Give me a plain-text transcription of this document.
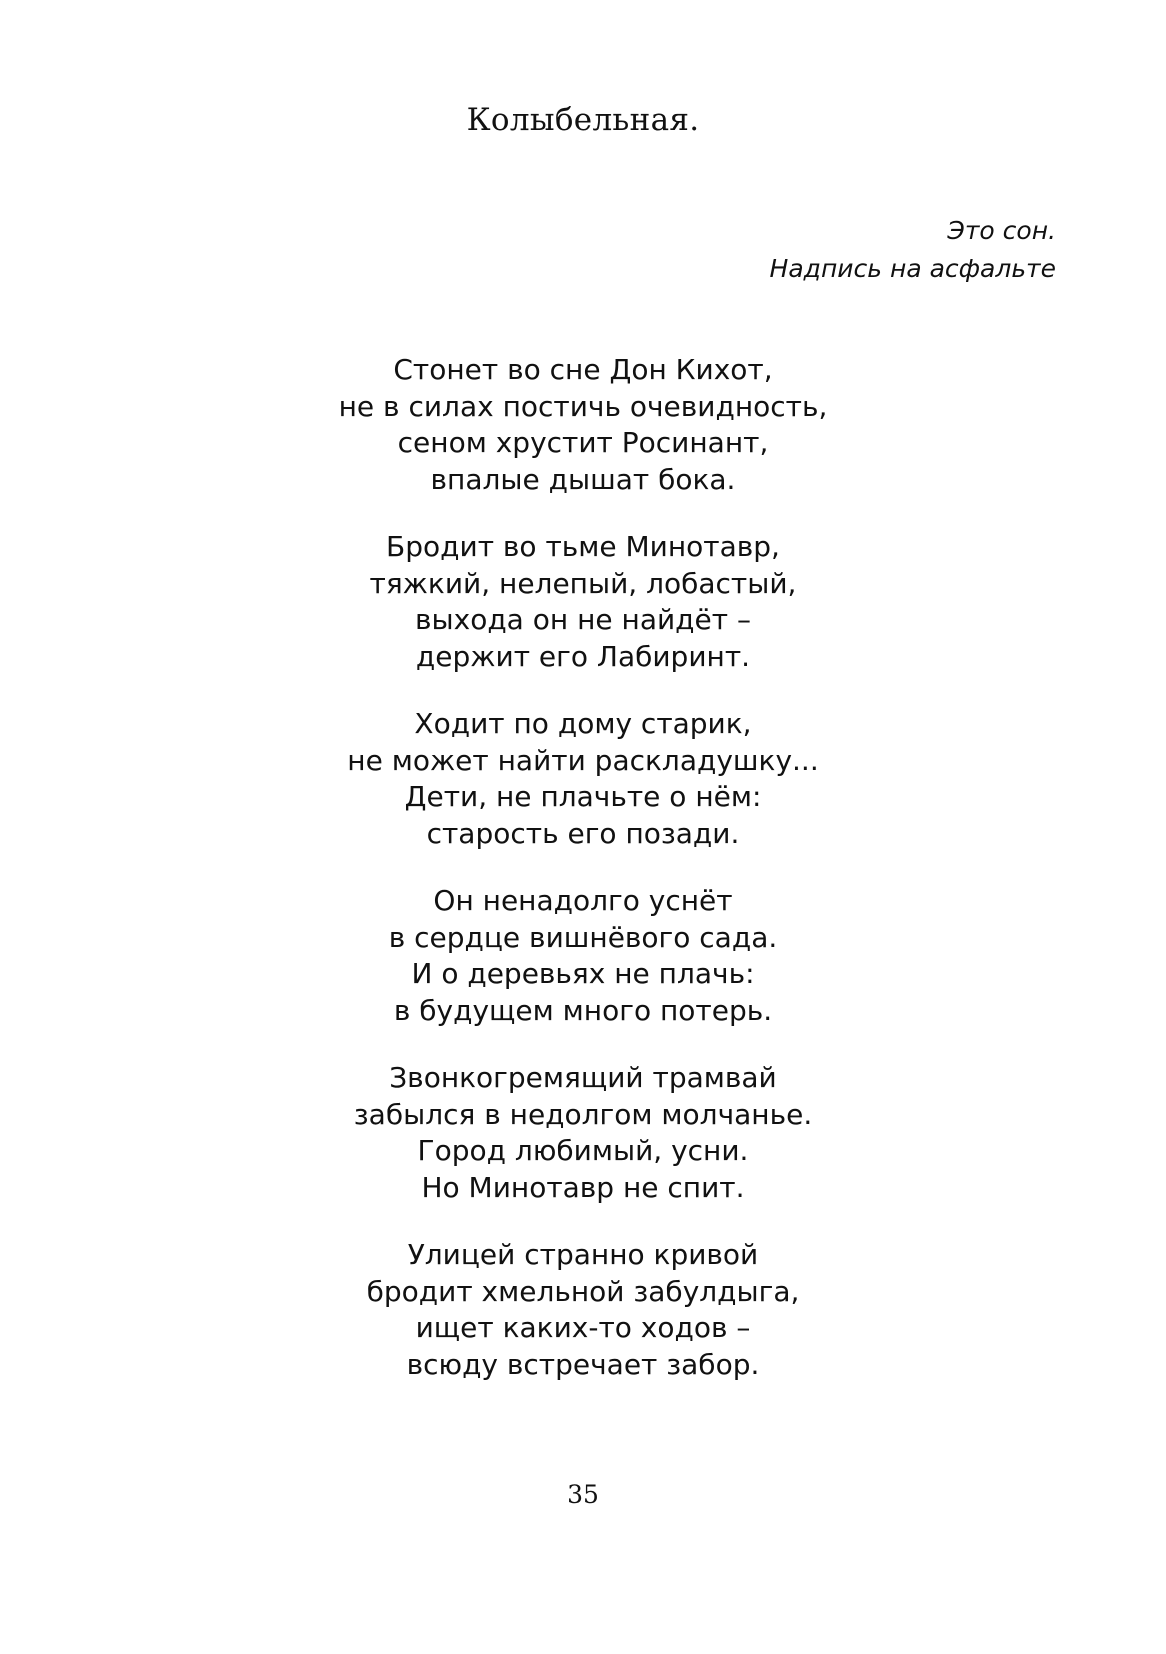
Колыбельная.
Это сон.
Надпись на асфальте
Стонет во сне Дон Кихот,
не в силах постичь очевидность,
сеном хрустит Росинант,
впалые дышат бока.
Бродит во тьме Минотавр,
тяжкий, нелепый, лобастый,
выхода он не найдёт –
держит его Лабиринт.
Ходит по дому старик,
не может найти раскладушку...
Дети, не плачьте о нём:
старость его позади.
Он ненадолго уснёт
в сердце вишнёвого сада.
И о деревьях не плачь:
в будущем много потерь.
Звонкогремящий трамвай
забылся в недолгом молчанье.
Город любимый, усни.
Но Минотавр не спит.
Улицей странно кривой
бродит хмельной забулдыга,
ищет каких-то ходов –
всюду встречает забор.
35
